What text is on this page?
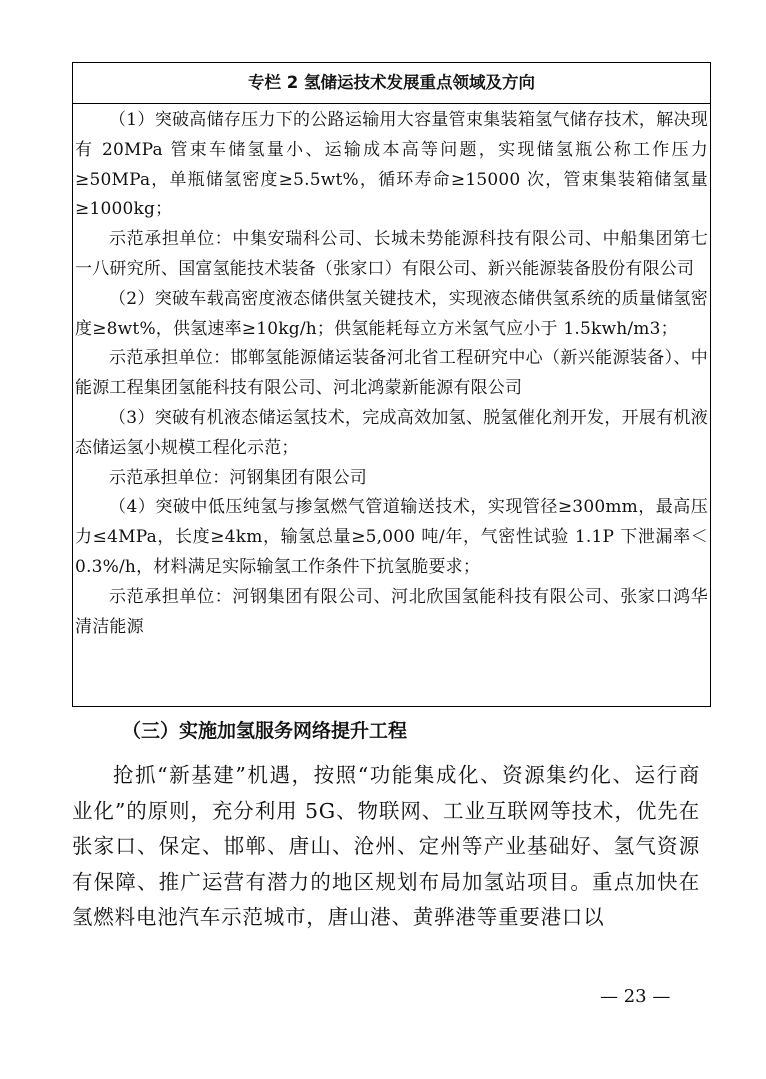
专栏 2 氢储运技术发展重点领域及方向

（1）突破高储存压力下的公路运输用大容量管束集装箱氢气储存技术，解决现有 20MPa 管束车储氢量小、运输成本高等问题，实现储氢瓶公称工作压力≥50MPa，单瓶储氢密度≥5.5wt%，循环寿命≥15000 次，管束集装箱储氢量≥1000kg；

示范承担单位：中集安瑞科公司、长城未势能源科技有限公司、中船集团第七一八研究所、国富氢能技术装备（张家口）有限公司、新兴能源装备股份有限公司

（2）突破车载高密度液态储供氢关键技术，实现液态储供氢系统的质量储氢密度≥8wt%，供氢速率≥10kg/h；供氢能耗每立方米氢气应小于 1.5kwh/m3；

示范承担单位：邯郸氢能源储运装备河北省工程研究中心（新兴能源装备）、中能源工程集团氢能科技有限公司、河北鸿蒙新能源有限公司

（3）突破有机液态储运氢技术，完成高效加氢、脱氢催化剂开发，开展有机液态储运氢小规模工程化示范；

示范承担单位：河钢集团有限公司

（4）突破中低压纯氢与掺氢燃气管道输送技术，实现管径≥300mm，最高压力≤4MPa，长度≥4km，输氢总量≥5,000 吨/年，气密性试验 1.1P 下泄漏率＜0.3%/h，材料满足实际输氢工作条件下抗氢脆要求；

示范承担单位：河钢集团有限公司、河北欣国氢能科技有限公司、张家口鸿华清洁能源

（三）实施加氢服务网络提升工程

抢抓“新基建”机遇，按照“功能集成化、资源集约化、运行商业化”的原则，充分利用 5G、物联网、工业互联网等技术，优先在张家口、保定、邯郸、唐山、沧州、定州等产业基础好、氢气资源有保障、推广运营有潜力的地区规划布局加氢站项目。重点加快在氢燃料电池汽车示范城市，唐山港、黄骅港等重要港口以

— 23 —
